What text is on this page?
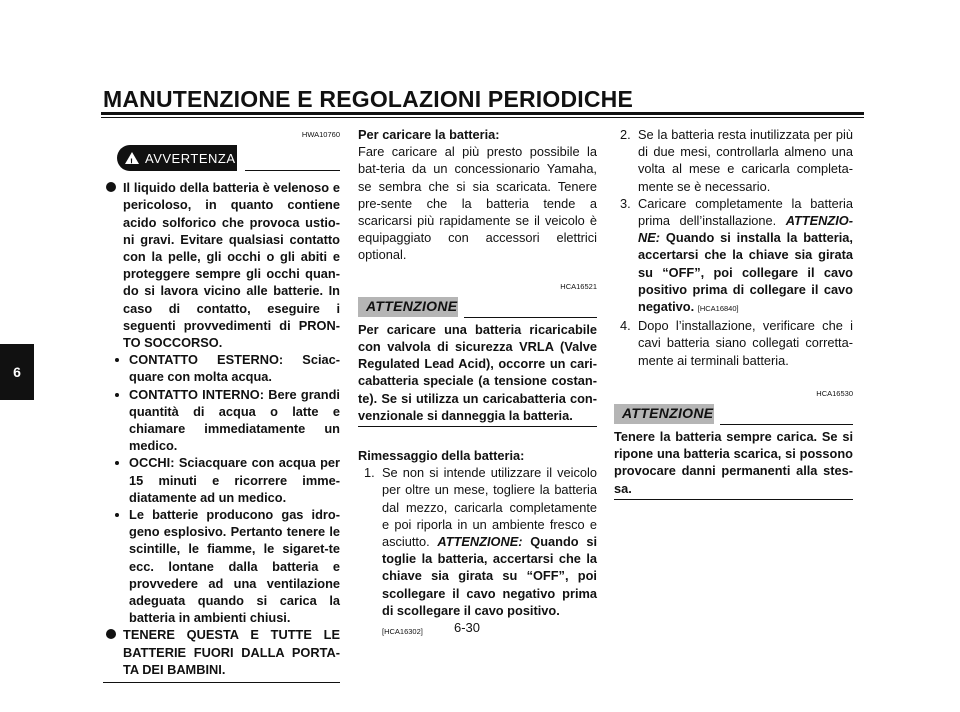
MANUTENZIONE E REGOLAZIONI PERIODICHE
6
HWA10760
! AVVERTENZA
Il liquido della batteria è velenoso e pericoloso, in quanto contiene acido solforico che provoca ustio-ni gravi. Evitare qualsiasi contatto con la pelle, gli occhi o gli abiti e proteggere sempre gli occhi quan-do si lavora vicino alle batterie. In caso di contatto, eseguire i seguenti provvedimenti di PRON-TO SOCCORSO.
CONTATTO ESTERNO: Sciac-quare con molta acqua.
CONTATTO INTERNO: Bere grandi quantità di acqua o latte e chiamare immediatamente un medico.
OCCHI: Sciacquare con acqua per 15 minuti e ricorrere imme-diatamente ad un medico.
Le batterie producono gas idro-geno esplosivo. Pertanto tenere le scintille, le fiamme, le sigaret-te ecc. lontane dalla batteria e provvedere ad una ventilazione adeguata quando si carica la batteria in ambienti chiusi.
TENERE QUESTA E TUTTE LE BATTERIE FUORI DALLA PORTA-TA DEI BAMBINI.

Per caricare la batteria:

Fare caricare al più presto possibile la bat-teria da un concessionario Yamaha, se sembra che si sia scaricata. Tenere pre-sente che la batteria tende a scaricarsi più rapidamente se il veicolo è equipaggiato con accessori elettrici optional.

HCA16521
ATTENZIONE

Per caricare una batteria ricaricabile con valvola di sicurezza VRLA (Valve Regulated Lead Acid), occorre un cari-cabatteria speciale (a tensione costan-te). Se si utilizza un caricabatteria con-venzionale si danneggia la batteria.

Rimessaggio della batteria:

1. Se non si intende utilizzare il veicolo per oltre un mese, togliere la batteria dal mezzo, caricarla completamente e poi riporla in un ambiente fresco e asciutto. ATTENZIONE: Quando si toglie la batteria, accertarsi che la chiave sia girata su “OFF”, poi scollegare il cavo negativo prima di scollegare il cavo positivo.
[HCA16302]
2. Se la batteria resta inutilizzata per più di due mesi, controllarla almeno una volta al mese e caricarla completa-mente se è necessario.
3. Caricare completamente la batteria prima dell’installazione. ATTENZIO-NE: Quando si installa la batteria, accertarsi che la chiave sia girata su “OFF”, poi collegare il cavo positivo prima di collegare il cavo negativo. [HCA16840]
4. Dopo l’installazione, verificare che i cavi batteria siano collegati corretta-mente ai terminali batteria.
HCA16530
ATTENZIONE

Tenere la batteria sempre carica. Se si ripone una batteria scarica, si possono provocare danni permanenti alla stes-sa.

6-30
